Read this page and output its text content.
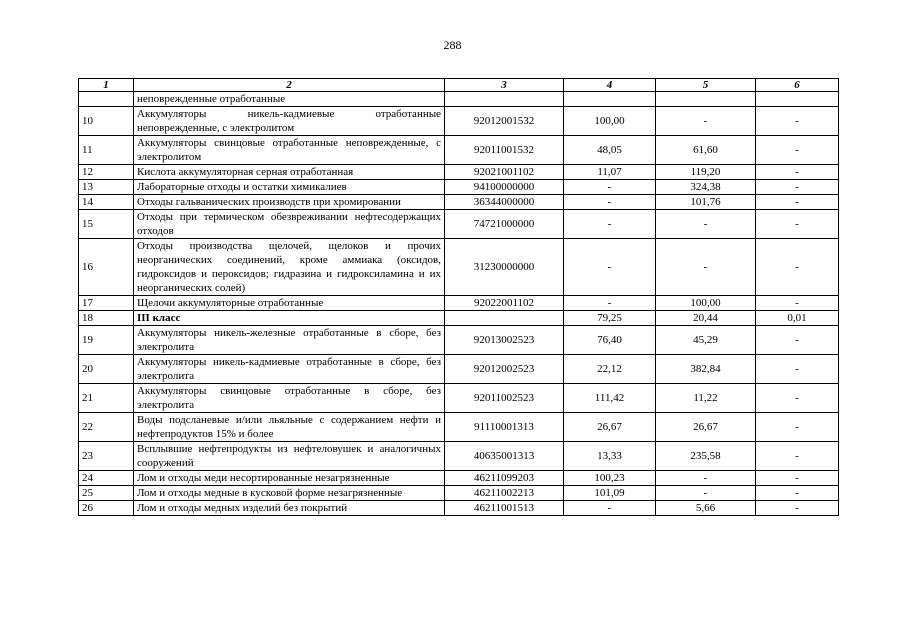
288
1	2	3	4	5	6
	неповрежденные отработанные				
10	Аккумуляторы никель-кадмиевые отработанные неповрежденные, с электролитом	92012001532	100,00	-	-
11	Аккумуляторы свинцовые отработанные неповрежденные, с электролитом	92011001532	48,05	61,60	-
12	Кислота аккумуляторная серная отработанная	92021001102	11,07	119,20	-
13	Лабораторные отходы и остатки химикалиев	94100000000	-	324,38	-
14	Отходы гальванических производств при хромировании	36344000000	-	101,76	-
15	Отходы при термическом обезвреживании нефтесодержащих отходов	74721000000	-	-	-
16	Отходы производства щелочей, щелоков и прочих неорганических соединений, кроме аммиака (оксидов, гидроксидов и пероксидов; гидразина и гидроксиламина и их неорганических солей)	31230000000	-	-	-
17	Щелочи аккумуляторные отработанные	92022001102	-	100,00	-
18	III класс		79,25	20,44	0,01
19	Аккумуляторы никель-железные отработанные в сборе, без электролита	92013002523	76,40	45,29	-
20	Аккумуляторы никель-кадмиевые отработанные в сборе, без электролита	92012002523	22,12	382,84	-
21	Аккумуляторы свинцовые отработанные в сборе, без электролита	92011002523	111,42	11,22	-
22	Воды подсланевые и/или льяльные с содержанием нефти и нефтепродуктов 15% и более	91110001313	26,67	26,67	-
23	Всплывшие нефтепродукты из нефтеловушек и аналогичных сооружений	40635001313	13,33	235,58	-
24	Лом и отходы меди несортированные незагрязненные	46211099203	100,23	-	-
25	Лом и отходы медные в кусковой форме незагрязненные	46211002213	101,09	-	-
26	Лом и отходы медных изделий без покрытий	46211001513	-	5,66	-
